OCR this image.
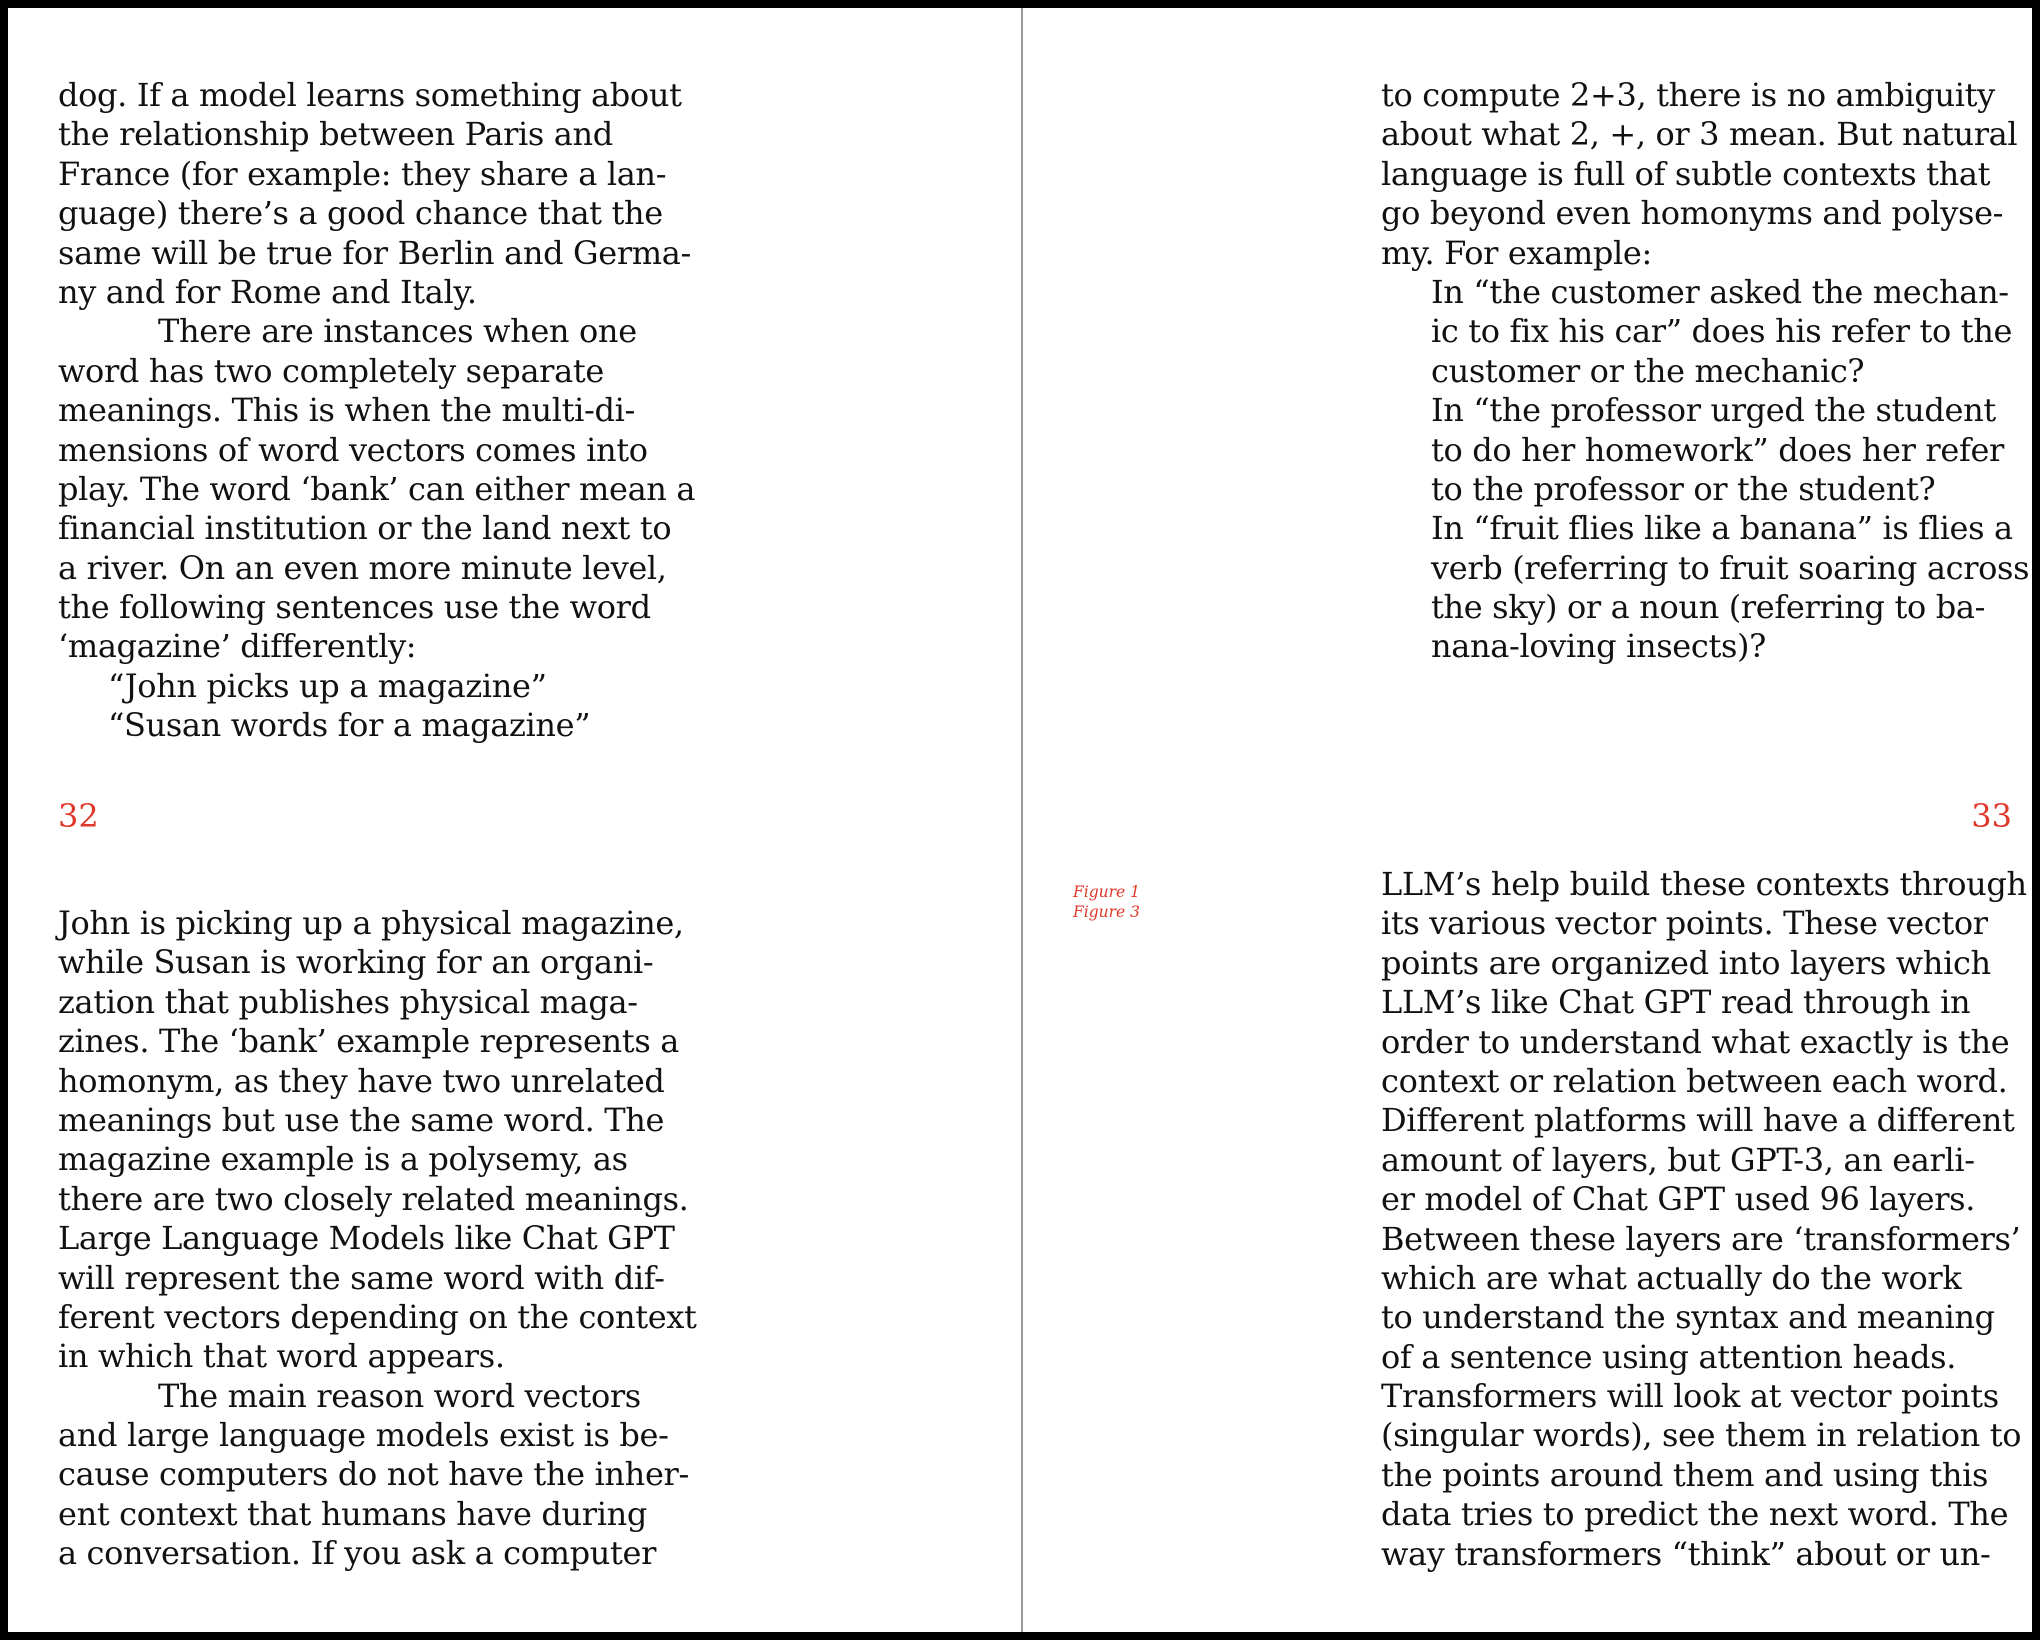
dog. If a model learns something about
the relationship between Paris and
France (for example: they share a lan-
guage) there’s a good chance that the
same will be true for Berlin and Germa-
ny and for Rome and Italy.
There are instances when one
word has two completely separate
meanings. This is when the multi-di-
mensions of word vectors comes into
play. The word ‘bank’ can either mean a
financial institution or the land next to
a river. On an even more minute level,
the following sentences use the word
‘magazine’ differently:
“John picks up a magazine”
“Susan words for a magazine”
to compute 2+3, there is no ambiguity
about what 2, +, or 3 mean. But natural
language is full of subtle contexts that
go beyond even homonyms and polyse-
my. For example:
In “the customer asked the mechan-
ic to fix his car” does his refer to the
customer or the mechanic?
In “the professor urged the student
to do her homework” does her refer
to the professor or the student?
In “fruit flies like a banana” is flies a
verb (referring to fruit soaring across
the sky) or a noun (referring to ba-
nana-loving insects)?
32	33
Figure 1
Figure 3
John is picking up a physical magazine,
while Susan is working for an organi-
zation that publishes physical maga-
zines. The ‘bank’ example represents a
homonym, as they have two unrelated
meanings but use the same word. The
magazine example is a polysemy, as
there are two closely related meanings.
Large Language Models like Chat GPT
will represent the same word with dif-
ferent vectors depending on the context
in which that word appears.
The main reason word vectors
and large language models exist is be-
cause computers do not have the inher-
ent context that humans have during
a conversation. If you ask a computer
LLM’s help build these contexts through
its various vector points. These vector
points are organized into layers which
LLM’s like Chat GPT read through in
order to understand what exactly is the
context or relation between each word.
Different platforms will have a different
amount of layers, but GPT-3, an earli-
er model of Chat GPT used 96 layers.
Between these layers are ‘transformers’
which are what actually do the work
to understand the syntax and meaning
of a sentence using attention heads.
Transformers will look at vector points
(singular words), see them in relation to
the points around them and using this
data tries to predict the next word. The
way transformers “think” about or un-
